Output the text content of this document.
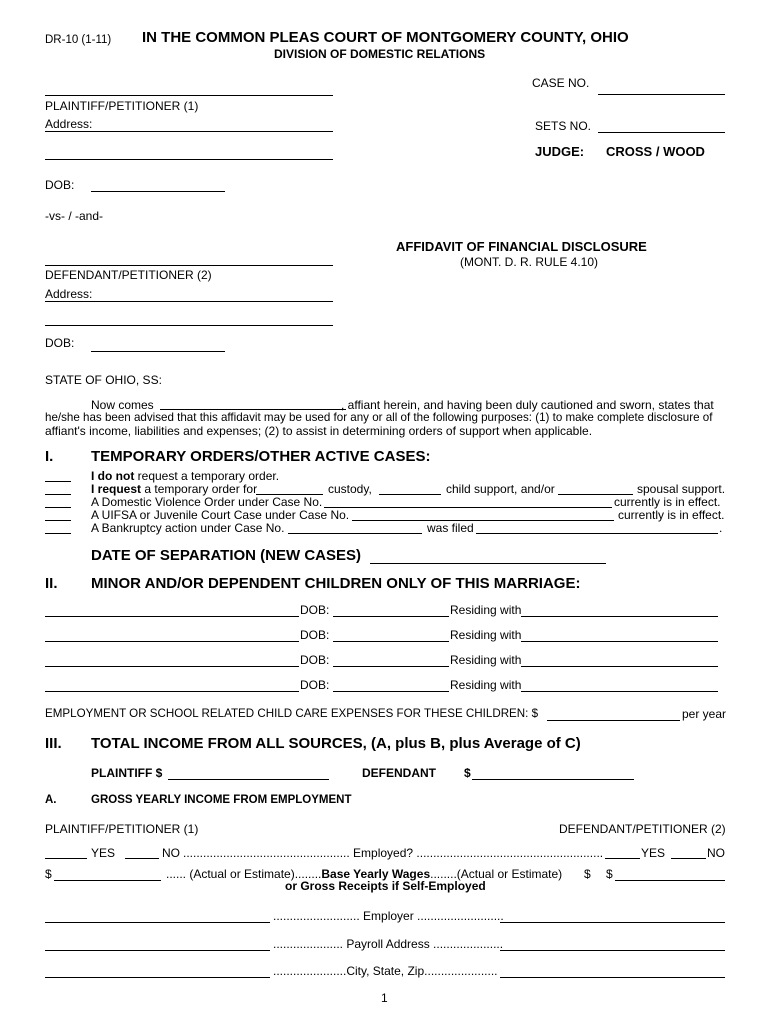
DR-10 (1-11) IN THE COMMON PLEAS COURT OF MONTGOMERY COUNTY, OHIO
DIVISION OF DOMESTIC RELATIONS
CASE NO.
SETS NO.
JUDGE: CROSS / WOOD
PLAINTIFF/PETITIONER (1)
Address:
DOB:
-vs- / -and-
DEFENDANT/PETITIONER (2)
Address:
DOB:
AFFIDAVIT OF FINANCIAL DISCLOSURE
(MONT. D. R. RULE 4.10)
STATE OF OHIO, SS:
Now comes	, affiant herein, and having been duly cautioned and sworn, states that
he/she has been advised that this affidavit may be used for any or all of the following purposes: (1) to make complete disclosure of
affiant's income, liabilities and expenses; (2) to assist in determining orders of support when applicable.
I.	TEMPORARY ORDERS/OTHER ACTIVE CASES:
I do not request a temporary order.
I request a temporary order for	custody,	child support, and/or	spousal support.
A Domestic Violence Order under Case No.	currently is in effect.
A UIFSA or Juvenile Court Case under Case No.	currently is in effect.
A Bankruptcy action under Case No.	was filed	.
DATE OF SEPARATION (NEW CASES)
II. MINOR AND/OR DEPENDENT CHILDREN ONLY OF THIS MARRIAGE:
DOB:	Residing with
DOB:	Residing with
DOB:	Residing with
DOB:	Residing with
EMPLOYMENT OR SCHOOL RELATED CHILD CARE EXPENSES FOR THESE CHILDREN: $	per year
III. TOTAL INCOME FROM ALL SOURCES, (A, plus B, plus Average of C)
PLAINTIFF $	DEFENDANT $
A.	GROSS YEARLY INCOME FROM EMPLOYMENT
PLAINTIFF/PETITIONER (1)	DEFENDANT/PETITIONER (2)
YES	NO .................................................. Employed? ........................................................	YES	NO
$	...... (Actual or Estimate)........Base Yearly Wages........(Actual or Estimate) $ $
or Gross Receipts if Self-Employed
.......................... Employer ..........................
..................... Payroll Address .....................
......................City, State, Zip......................
1
